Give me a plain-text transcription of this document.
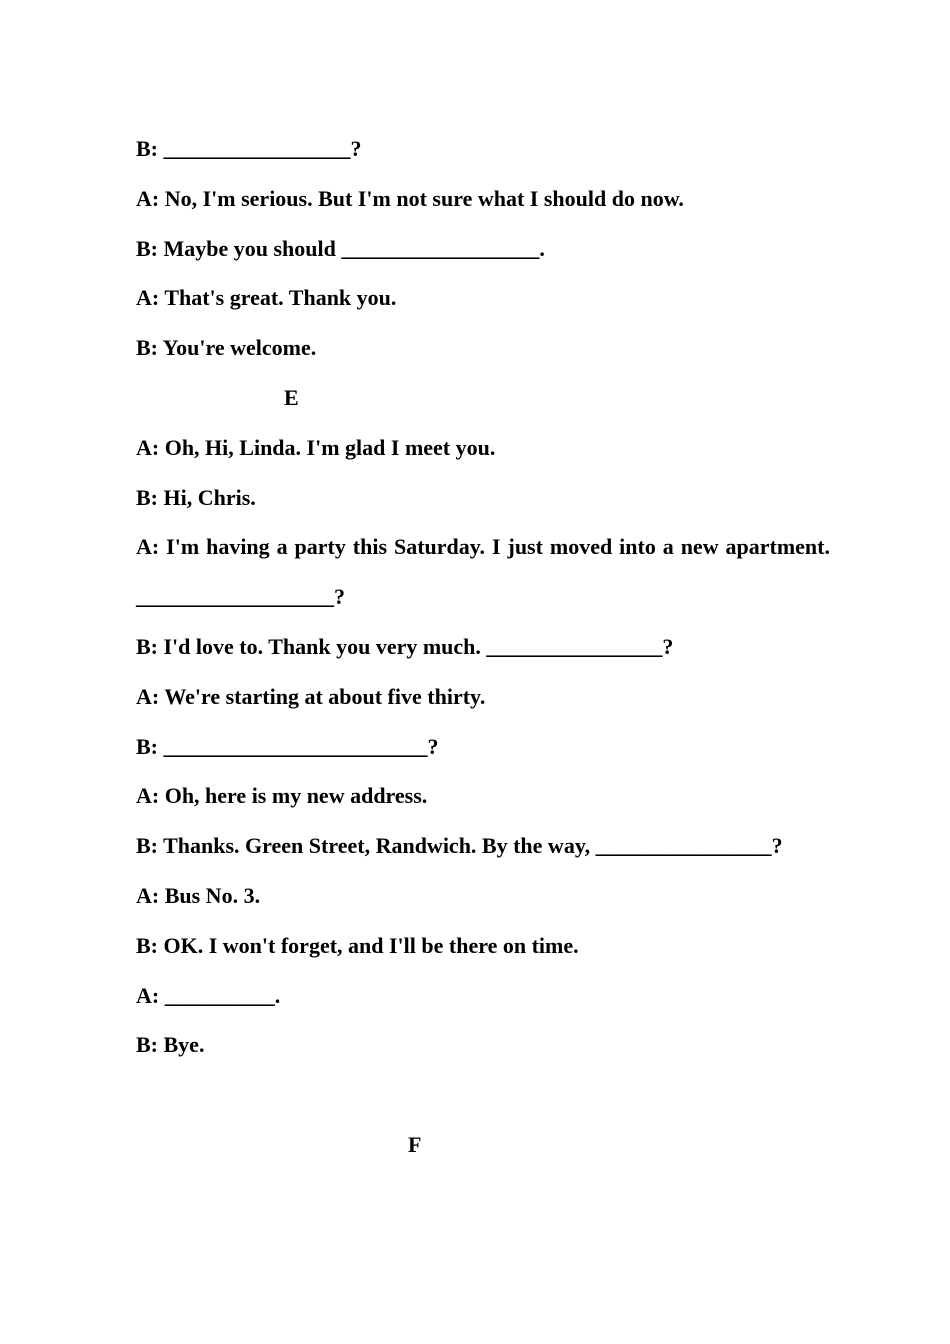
B: _________________?

A: No, I'm serious. But I'm not sure what I should do now.

B: Maybe you should __________________.

A: That's great. Thank you.

B: You're welcome.

E

A: Oh, Hi, Linda. I'm glad I meet you.

B: Hi, Chris.

A: I'm having a party this Saturday. I just moved into a new apartment. __________________?

B: I'd love to. Thank you very much. ________________?

A: We're starting at about five thirty.

B: ________________________?

A: Oh, here is my new address.

B: Thanks. Green Street, Randwich. By the way, ________________?

A: Bus No. 3.

B: OK. I won't forget, and I'll be there on time.

A: __________.

B: Bye.

F
